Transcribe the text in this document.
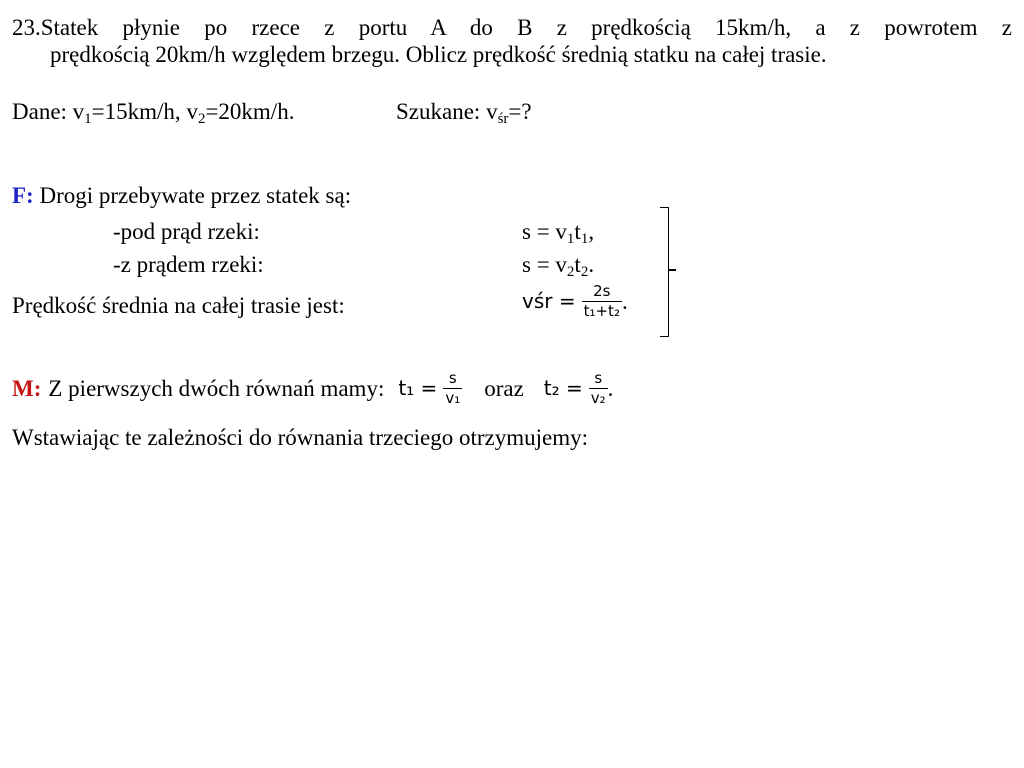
23.Statek płynie po rzece z portu A do B z prędkością 15km/h, a z powrotem z
prędkością 20km/h względem brzegu. Oblicz prędkość średnią statku na całej trasie.
Dane: $v_1=15km/h$, $v_2=20km/h$.	Szukane: $v_{śr}=$?
F: Drogi przebywate przez statek są:
-pod prąd rzeki:	$s = v_1t_1$,
-z prądem rzeki:	$s = v_2t_2$.
Prędkość średnia na całej trasie jest:	vśr = $\frac{2s}{\text{t₁+t₂}}$ .
M: Z pierwszych dwóch równań mamy: $t_1 = \frac{s}{\text{v₁}}$ oraz $t_2 = \frac{s}{\text{v₂}}$ .
Wstawiając te zależności do równania trzeciego otrzymujemy:
